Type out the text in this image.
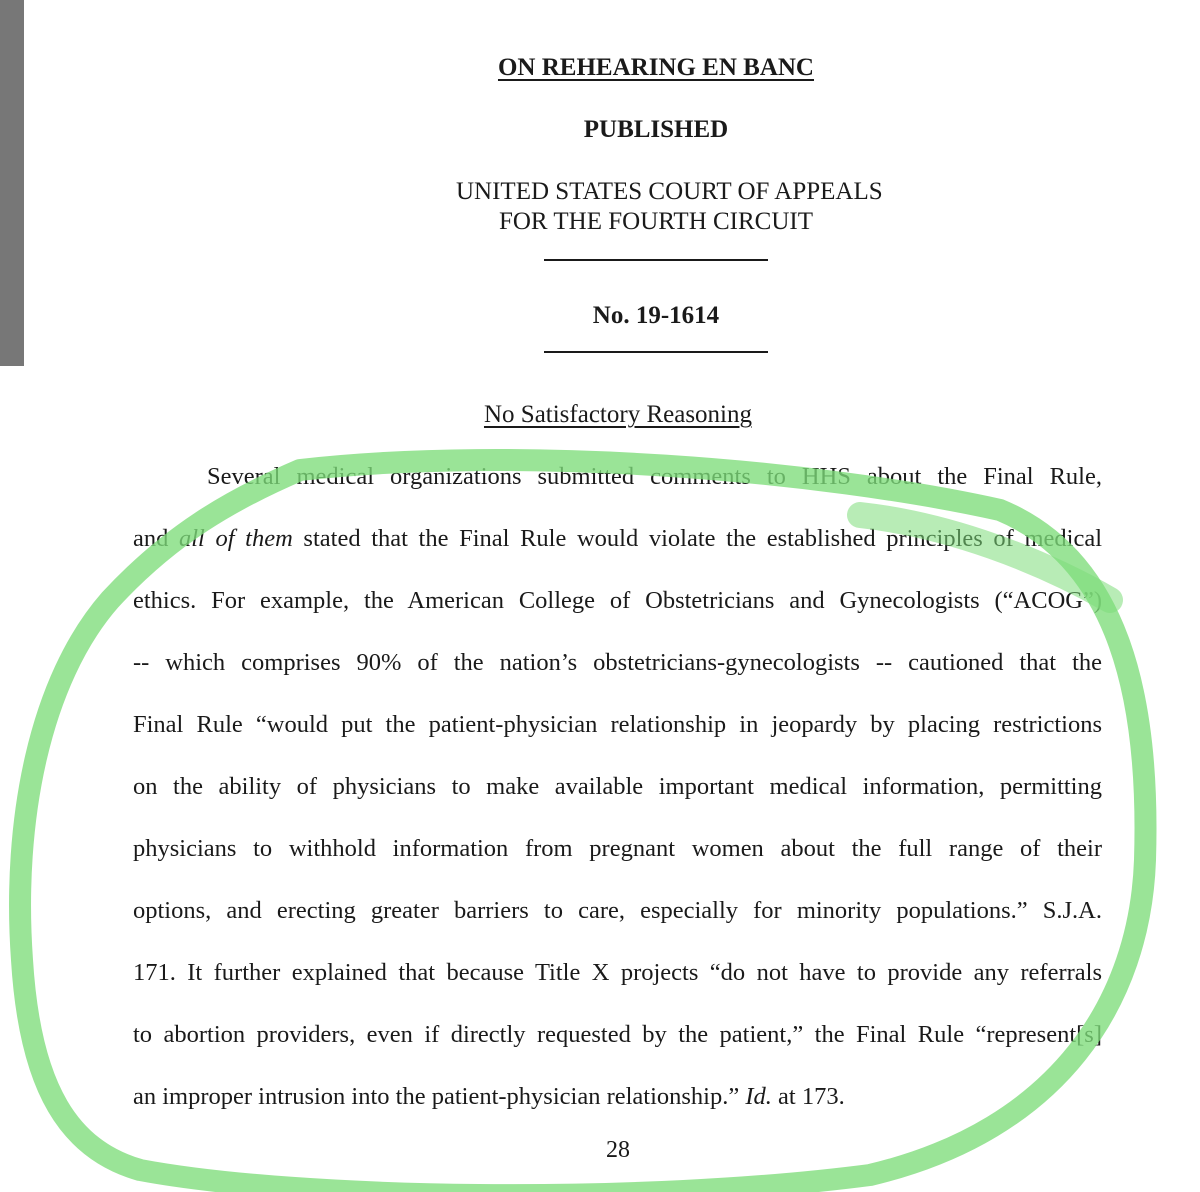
ON REHEARING EN BANC
PUBLISHED
UNITED STATES COURT OF APPEALS
FOR THE FOURTH CIRCUIT
No. 19-1614
No Satisfactory Reasoning
Several medical organizations submitted comments to HHS about the Final Rule,
and all of them stated that the Final Rule would violate the established principles of medical
ethics. For example, the American College of Obstetricians and Gynecologists (“ACOG”)
-- which comprises 90% of the nation’s obstetricians-gynecologists -- cautioned that the
Final Rule “would put the patient-physician relationship in jeopardy by placing restrictions
on the ability of physicians to make available important medical information, permitting
physicians to withhold information from pregnant women about the full range of their
options, and erecting greater barriers to care, especially for minority populations.” S.J.A.
171. It further explained that because Title X projects “do not have to provide any referrals
to abortion providers, even if directly requested by the patient,” the Final Rule “represent[s]
an improper intrusion into the patient-physician relationship.” Id. at 173.
28
